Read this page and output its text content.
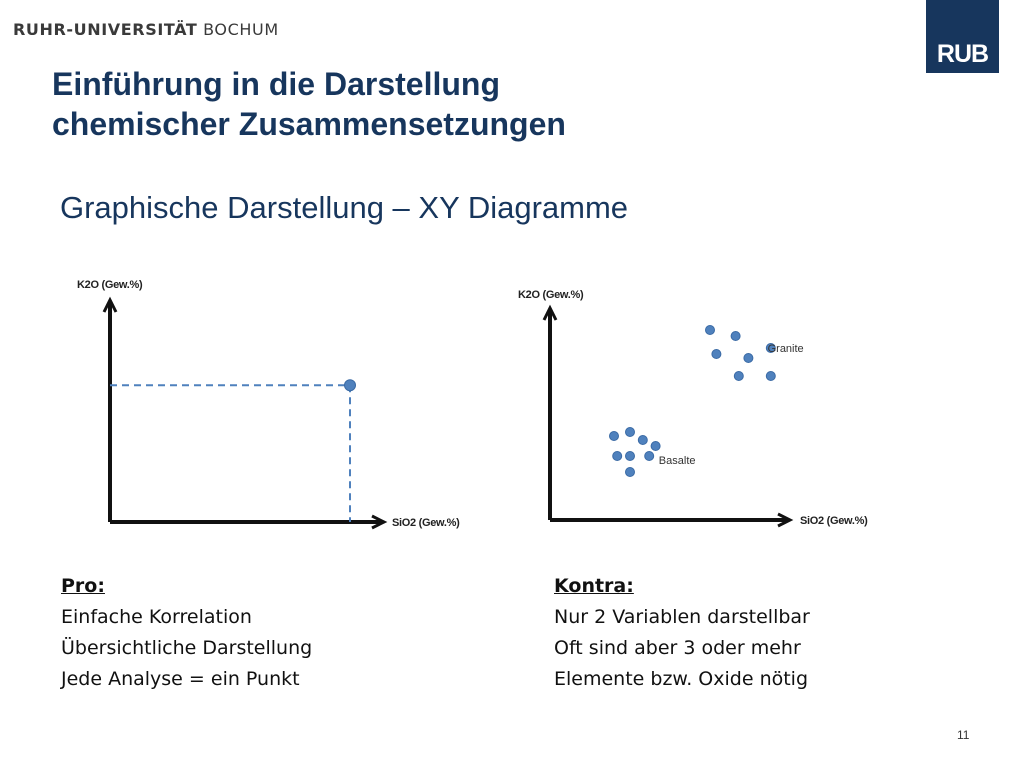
RUHR-UNIVERSITÄT BOCHUM
RUB
Einführung in die Darstellung
chemischer Zusammensetzungen
Graphische Darstellung – XY Diagramme
K2O (Gew.%)
SiO2 (Gew.%)
K2O (Gew.%)
SiO2 (Gew.%)
Granite
Basalte
Pro:
Einfache Korrelation
Übersichtliche Darstellung
Jede Analyse = ein Punkt
Kontra:
Nur 2 Variablen darstellbar
Oft sind aber 3 oder mehr
Elemente bzw. Oxide nötig
11
